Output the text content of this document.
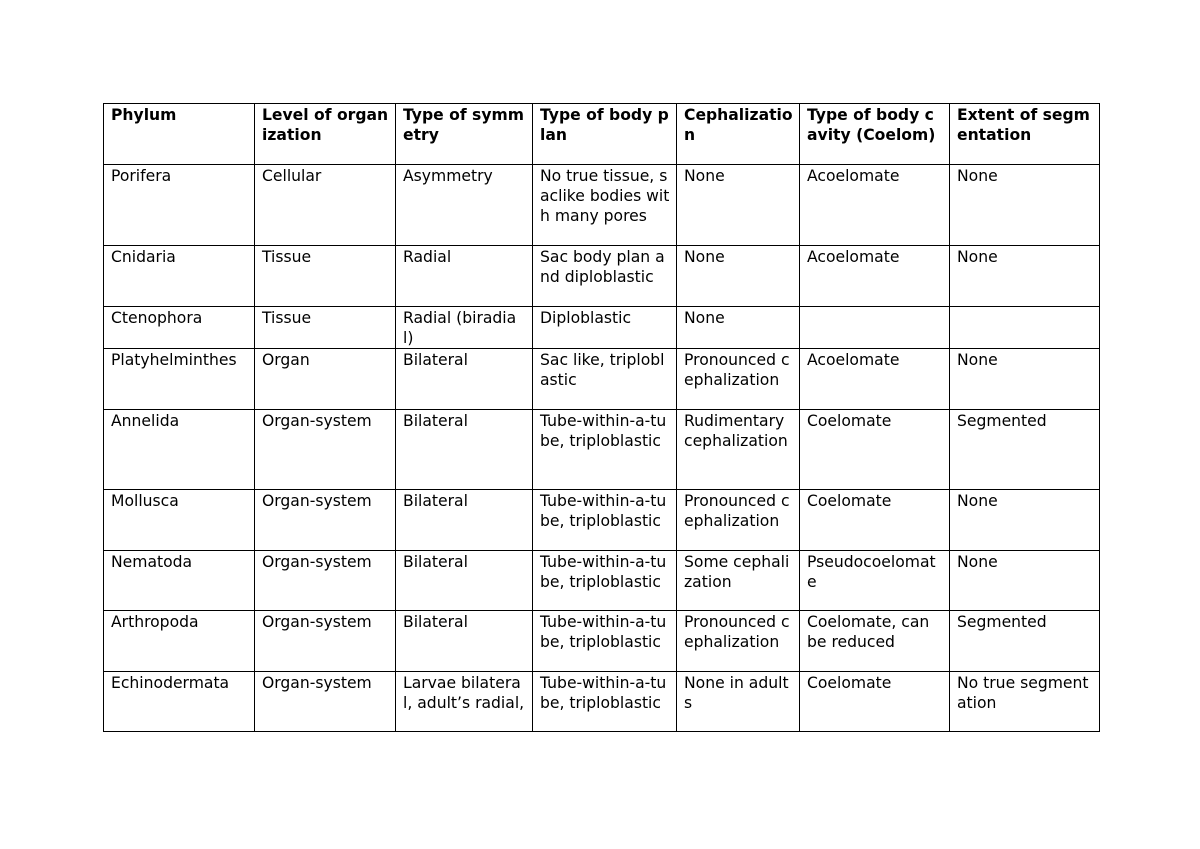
Phylum	Level of organization	Type of symmetry	Type of body plan	Cephalization	Type of body cavity (Coelom)	Extent of segmentation
Porifera	Cellular	Asymmetry	No true tissue, saclike bodies with many pores	None	Acoelomate	None
Cnidaria	Tissue	Radial	Sac body plan and diploblastic	None	Acoelomate	None
Ctenophora	Tissue	Radial (biradial)	Diploblastic	None		
Platyhelminthes	Organ	Bilateral	Sac like, triploblastic	Pronounced cephalization	Acoelomate	None
Annelida	Organ-system	Bilateral	Tube-within-a-tube, triploblastic	Rudimentary cephalization	Coelomate	Segmented
Mollusca	Organ-system	Bilateral	Tube-within-a-tube, triploblastic	Pronounced cephalization	Coelomate	None
Nematoda	Organ-system	Bilateral	Tube-within-a-tube, triploblastic	Some cephalization	Pseudocoelomate	None
Arthropoda	Organ-system	Bilateral	Tube-within-a-tube, triploblastic	Pronounced cephalization	Coelomate, can be reduced	Segmented
Echinodermata	Organ-system	Larvae bilateral, adult’s radial,	Tube-within-a-tube, triploblastic	None in adults	Coelomate	No true segmentation
